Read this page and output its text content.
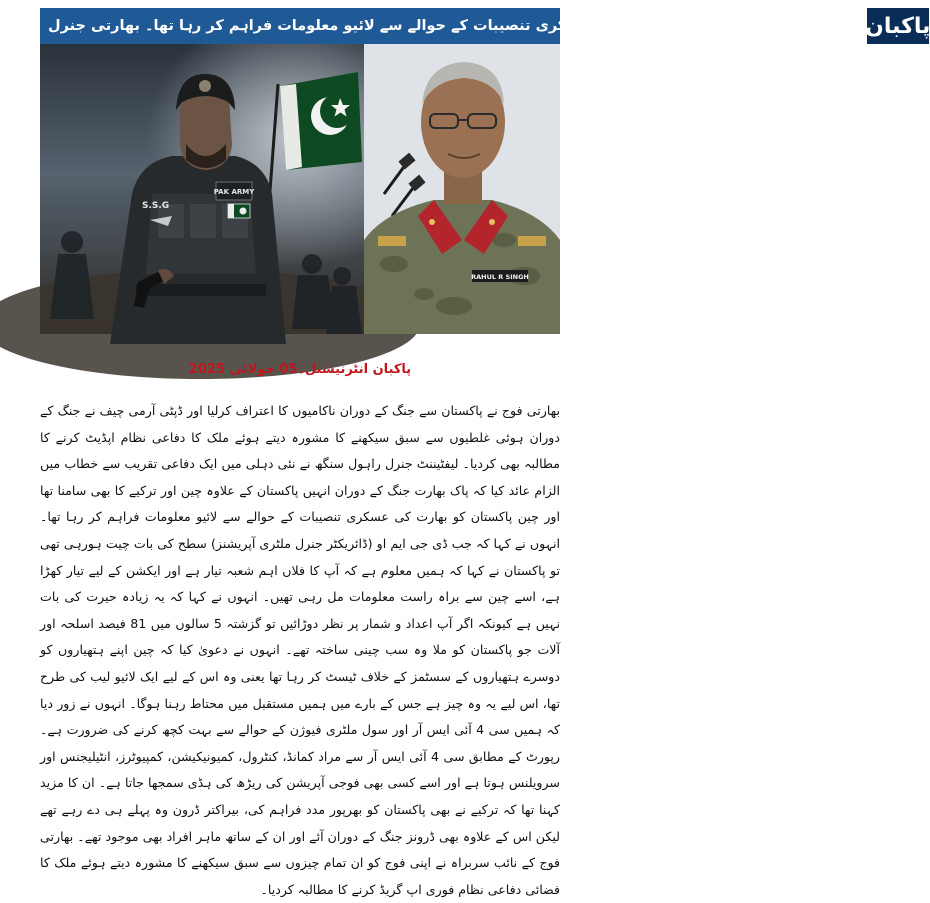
جنگ میں چین پاکستان کو بھارت کی عسکری تنصیبات کے حوالے سے لائیو معلومات فراہم کر رہا تھا۔ بھارتی جنرل پاکبان
PAK ARMY
S.S.G
RAHUL R SINGH
پاکبان انٹرنیشنل۔05 جولائی 2025

بھارتی فوج نے پاکستان سے جنگ کے دوران ناکامیوں کا اعتراف کرلیا اور ڈپٹی آرمی چیف نے جنگ کے دوران ہوئی غلطیوں سے سبق سیکھنے کا مشورہ دیتے ہوئے ملک کا دفاعی نظام اپڈیٹ کرنے کا مطالبہ بھی کردیا۔ لیفٹیننٹ جنرل راہول سنگھ نے نئی دہلی میں ایک دفاعی تقریب سے خطاب میں الزام عائد کیا کہ پاک بھارت جنگ کے دوران انہیں پاکستان کے علاوہ چین اور ترکیے کا بھی سامنا تھا اور چین پاکستان کو بھارت کی عسکری تنصیبات کے حوالے سے لائیو معلومات فراہم کر رہا تھا۔ انہوں نے کہا کہ جب ڈی جی ایم او (ڈائریکٹر جنرل ملٹری آپریشنز) سطح کی بات چیت ہورہی تھی تو پاکستان نے کہا کہ ہمیں معلوم ہے کہ آپ کا فلاں اہم شعبہ تیار ہے اور ایکشن کے لیے تیار کھڑا ہے، اسے چین سے براہ راست معلومات مل رہی تھیں۔ انہوں نے کہا کہ یہ زیادہ حیرت کی بات نہیں ہے کیونکہ اگر آپ اعداد و شمار پر نظر دوڑائیں تو گزشتہ 5 سالوں میں 81 فیصد اسلحہ اور آلات جو پاکستان کو ملا وہ سب چینی ساختہ تھے۔ انہوں نے دعویٰ کیا کہ چین اپنے ہتھیاروں کو دوسرے ہتھیاروں کے سسٹمز کے خلاف ٹیسٹ کر رہا تھا یعنی وہ اس کے لیے ایک لائیو لیب کی طرح تھا، اس لیے یہ وہ چیز ہے جس کے بارے میں ہمیں مستقبل میں محتاط رہنا ہوگا۔ انہوں نے زور دیا کہ ہمیں سی 4 آئی ایس آر اور سول ملٹری فیوژن کے حوالے سے بہت کچھ کرنے کی ضرورت ہے۔ رپورٹ کے مطابق سی 4 آئی ایس آر سے مراد کمانڈ، کنٹرول، کمیونیکیشن، کمپیوٹرز، انٹیلیجنس اور سرویلنس ہوتا ہے اور اسے کسی بھی فوجی آپریشن کی ریڑھ کی ہڈی سمجھا جاتا ہے۔ ان کا مزید کہنا تھا کہ ترکیے نے بھی پاکستان کو بھرپور مدد فراہم کی، بیراکتر ڈرون وہ پہلے ہی دے رہے تھے لیکن اس کے علاوہ بھی ڈرونز جنگ کے دوران آئے اور ان کے ساتھ ماہر افراد بھی موجود تھے۔ بھارتی فوج کے نائب سربراہ نے اپنی فوج کو ان تمام چیزوں سے سبق سیکھنے کا مشورہ دیتے ہوئے ملک کا فضائی دفاعی نظام فوری اپ گریڈ کرنے کا مطالبہ کردیا۔
